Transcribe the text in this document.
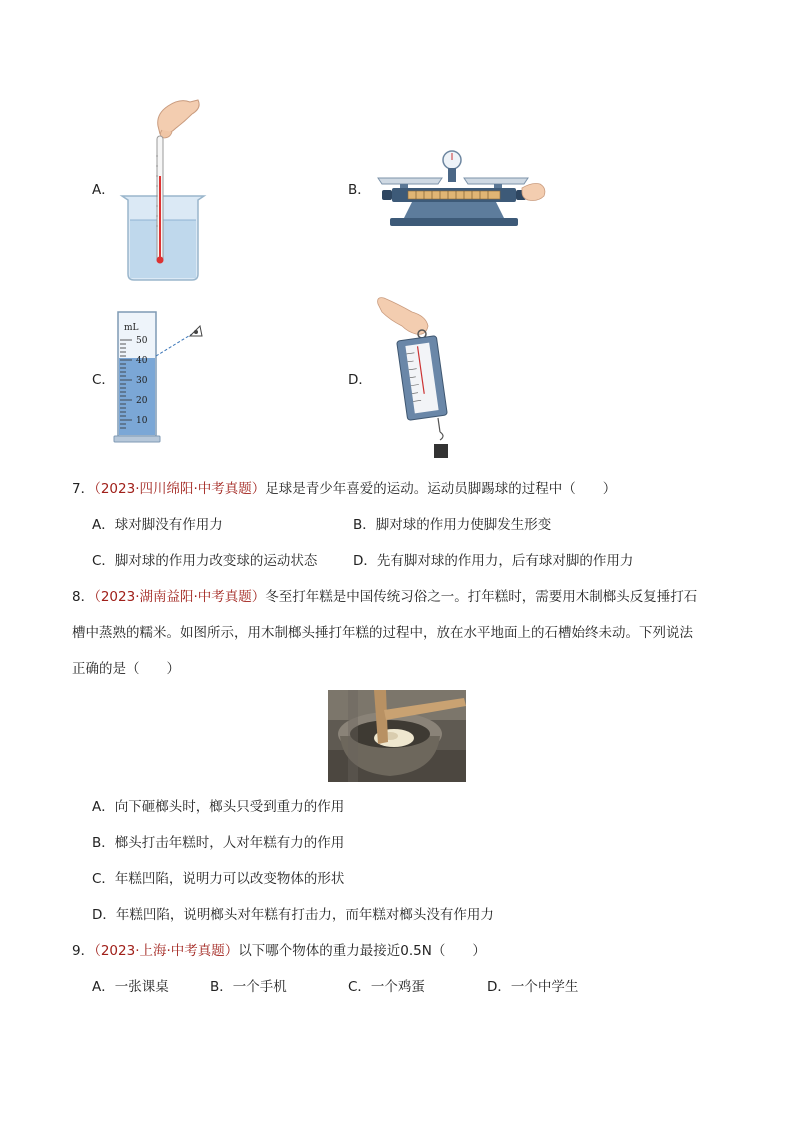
A．	B．
C．
mL
50
40
30
20
10
D．
7．（2023·四川绵阳·中考真题）足球是青少年喜爱的运动。运动员脚踢球的过程中（　　）
A．球对脚没有作用力	B．脚对球的作用力使脚发生形变
C．脚对球的作用力改变球的运动状态	D．先有脚对球的作用力，后有球对脚的作用力
8．（2023·湖南益阳·中考真题）冬至打年糕是中国传统习俗之一。打年糕时，需要用木制榔头反复捶打石
槽中蒸熟的糯米。如图所示，用木制榔头捶打年糕的过程中，放在水平地面上的石槽始终未动。下列说法
正确的是（　　）
A．向下砸榔头时，榔头只受到重力的作用
B．榔头打击年糕时，人对年糕有力的作用
C．年糕凹陷，说明力可以改变物体的形状
D．年糕凹陷，说明榔头对年糕有打击力，而年糕对榔头没有作用力
9．（2023·上海·中考真题）以下哪个物体的重力最接近0.5N（　　）
A．一张课桌	B．一个手机	C．一个鸡蛋	D．一个中学生
